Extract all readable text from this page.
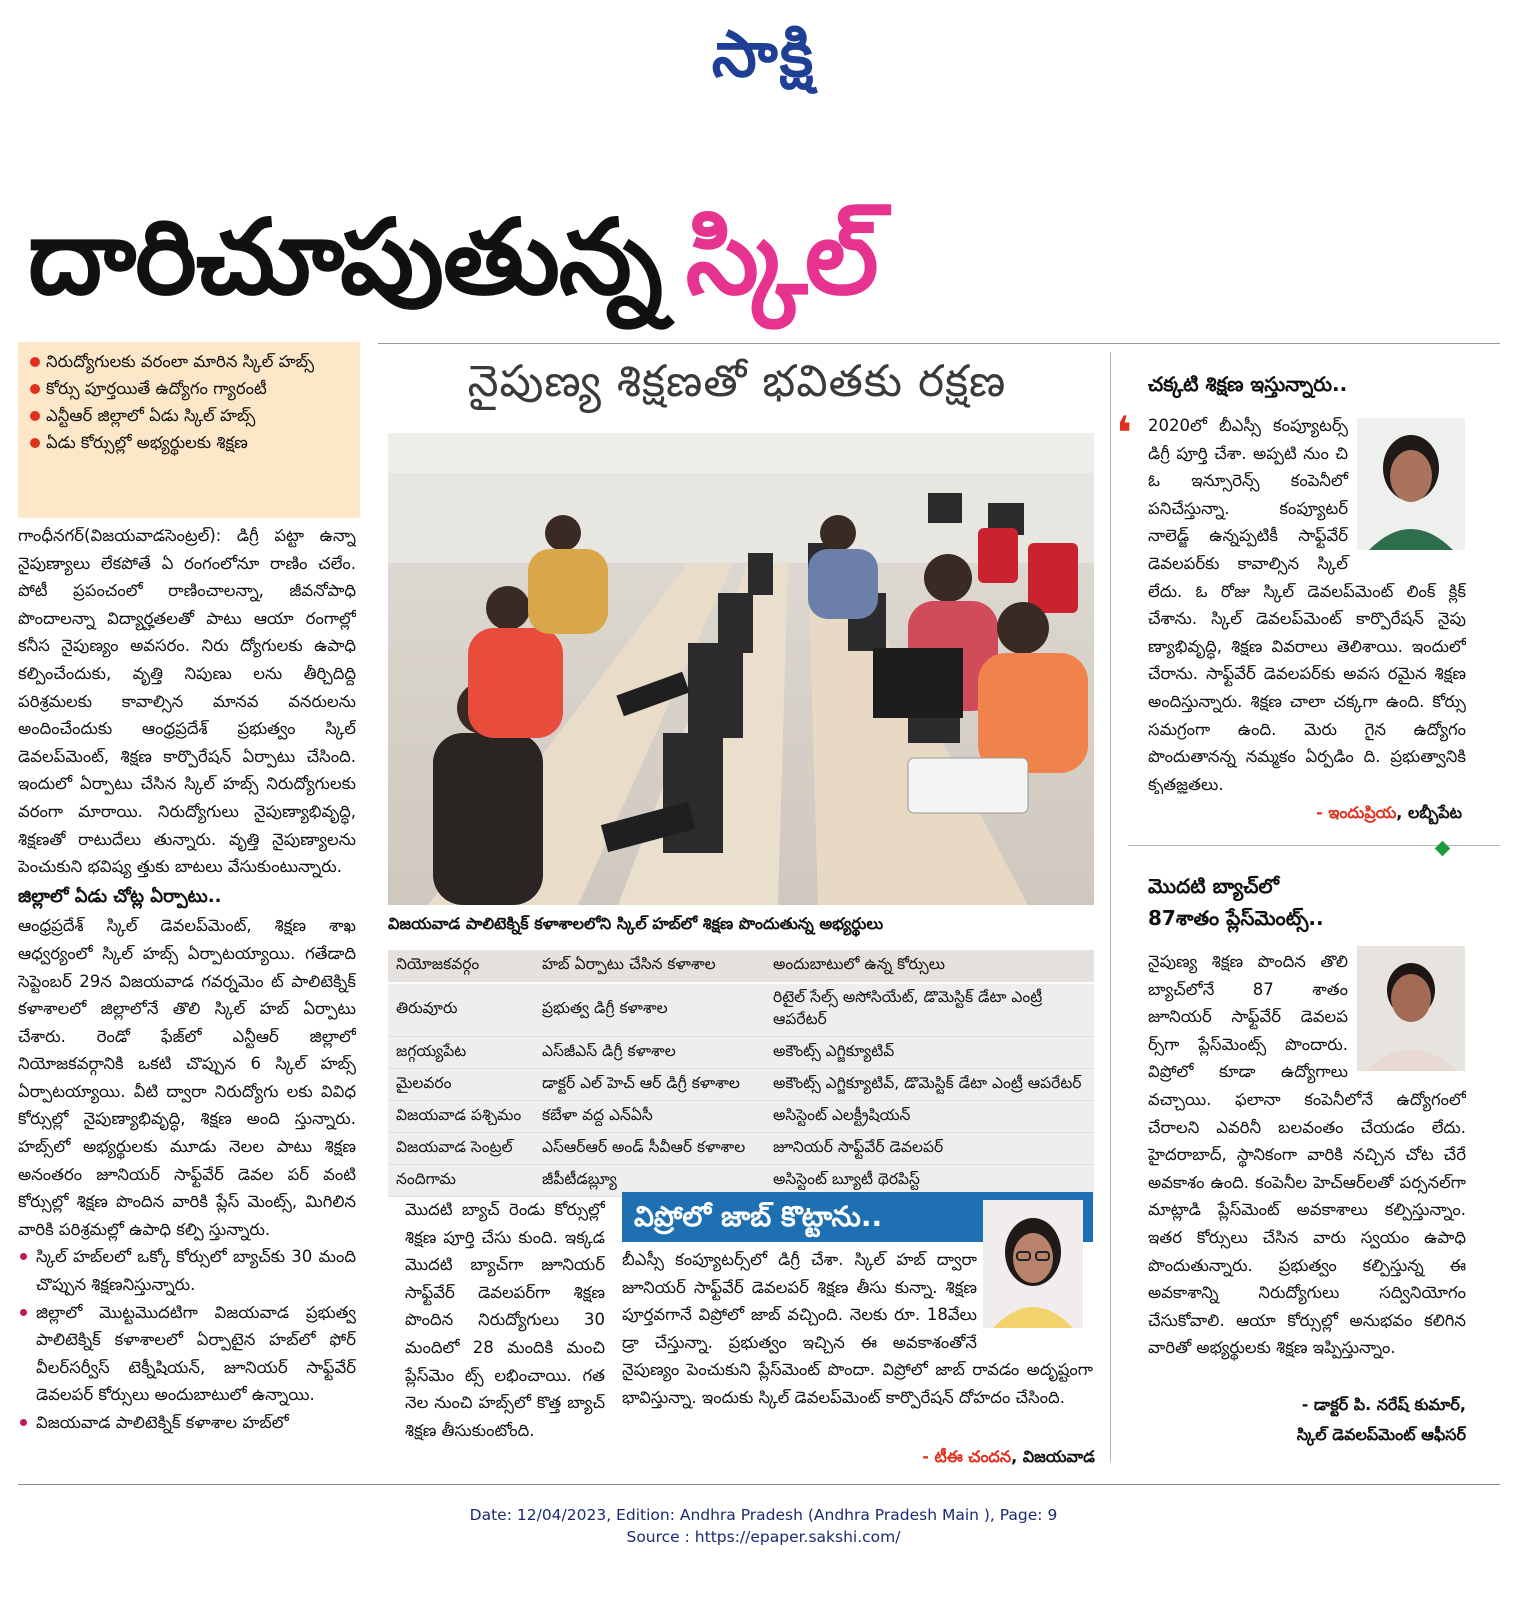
సాక్షి
దారిచూపుతున్న స్కిల్
నిరుద్యోగులకు వరంలా మారిన స్కిల్ హబ్స్
కోర్సు పూర్తయితే ఉద్యోగం గ్యారంటీ
ఎన్టీఆర్ జిల్లాలో ఏడు స్కిల్ హబ్స్
ఏడు కోర్సుల్లో అభ్యర్థులకు శిక్షణ

గాంధీనగర్(విజయవాడసెంట్రల్): డిగ్రీ పట్టా ఉన్నా నైపుణ్యాలు లేకపోతే ఏ రంగంలోనూ రాణిం చలేం. పోటీ ప్రపంచంలో రాణించాలన్నా, జీవనోపాధి పొందాలన్నా విద్యార్హతలతో పాటు ఆయా రంగాల్లో కనీస నైపుణ్యం అవసరం. నిరు ద్యోగులకు ఉపాధి కల్పించేందుకు, వృత్తి నిపుణు లను తీర్చిదిద్ది పరిశ్రమలకు కావాల్సిన మానవ వనరులను అందించేందుకు ఆంధ్రప్రదేశ్ ప్రభుత్వం స్కిల్ డెవలప్‌మెంట్, శిక్షణ కార్పొరేషన్ ఏర్పాటు చేసింది. ఇందులో ఏర్పాటు చేసిన స్కిల్ హబ్స్ నిరుద్యోగులకు వరంగా మారాయి. నిరుద్యోగులు నైపుణ్యాభివృద్ధి, శిక్షణతో రాటుదేలు తున్నారు. వృత్తి నైపుణ్యాలను పెంచుకుని భవిష్య త్తుకు బాటలు వేసుకుంటున్నారు.

జిల్లాలో ఏడు చోట్ల ఏర్పాటు..

ఆంధ్రప్రదేశ్ స్కిల్ డెవలప్‌మెంట్, శిక్షణ శాఖ ఆధ్వర్యంలో స్కిల్ హబ్స్ ఏర్పాటయ్యాయి. గతేడాది సెప్టెంబర్ 29న విజయవాడ గవర్నమెం ట్ పాలిటెక్నిక్ కళాశాలలో జిల్లాలోనే తొలి స్కిల్ హబ్ ఏర్పాటు చేశారు. రెండో ఫేజ్‌లో ఎన్టీఆర్ జిల్లాలో నియోజకవర్గానికి ఒకటి చొప్పున 6 స్కిల్ హబ్స్ ఏర్పాటయ్యాయి. వీటి ద్వారా నిరుద్యోగు లకు వివిధ కోర్సుల్లో నైపుణ్యాభివృద్ధి, శిక్షణ అంది స్తున్నారు. హబ్స్‌లో అభ్యర్థులకు మూడు నెలల పాటు శిక్షణ అనంతరం జూనియర్ సాఫ్ట్‌వేర్ డెవల పర్ వంటి కోర్సుల్లో శిక్షణ పొందిన వారికి ప్లేస్ మెంట్స్, మిగిలిన వారికి పరిశ్రమల్లో ఉపాధి కల్పి స్తున్నారు.

స్కిల్ హబ్‌లలో ఒక్కో కోర్సులో బ్యాచ్‌కు 30 మంది చొప్పున శిక్షణనిస్తున్నారు.
జిల్లాలో మొట్టమొదటిగా విజయవాడ ప్రభుత్వ పాలిటెక్నిక్ కళాశాలలో ఏర్పాటైన హబ్‌లో ఫోర్ వీలర్‌సర్వీస్ టెక్నీషియన్, జూనియర్ సాఫ్ట్‌వేర్ డెవలపర్ కోర్సులు అందుబాటులో ఉన్నాయి.
విజయవాడ పాలిటెక్నిక్ కళాశాల హబ్‌లో
నైపుణ్య శిక్షణతో భవితకు రక్షణ
విజయవాడ పాలిటెక్నిక్ కళాశాలలోని స్కిల్ హబ్‌లో శిక్షణ పొందుతున్న అభ్యర్థులు
నియోజకవర్గం	హబ్ ఏర్పాటు చేసిన కళాశాల	అందుబాటులో ఉన్న కోర్సులు
తిరువూరు	ప్రభుత్వ డిగ్రీ కళాశాల	రిటైల్ సేల్స్ అసోసియేట్, డొమెస్టిక్ డేటా ఎంట్రీ ఆపరేటర్
జగ్గయ్యపేట	ఎస్‌జీఎస్ డిగ్రీ కళాశాల	అకౌంట్స్ ఎగ్జిక్యూటివ్
మైలవరం	డాక్టర్ ఎల్ హెచ్ ఆర్ డిగ్రీ కళాశాల	అకౌంట్స్ ఎగ్జిక్యూటివ్, డొమెస్టిక్ డేటా ఎంట్రీ ఆపరేటర్
విజయవాడ పశ్చిమం	కబేళా వద్ద ఎన్ఏసీ	అసిస్టెంట్ ఎలక్ట్రీషియన్
విజయవాడ సెంట్రల్	ఎస్ఆర్ఆర్ అండ్ సీవీఆర్ కళాశాల	జూనియర్ సాఫ్ట్‌వేర్ డెవలపర్
నందిగామ	జీపీటీడబ్ల్యూ	అసిస్టెంట్ బ్యూటీ థెరపిస్ట్
మొదటి బ్యాచ్ రెండు కోర్సుల్లో శిక్షణ పూర్తి చేసు కుంది. ఇక్కడ మొదటి బ్యాచ్‌గా జూనియర్ సాఫ్ట్‌వేర్ డెవలపర్‌గా శిక్షణ పొందిన నిరుద్యోగులు 30 మందిలో 28 మందికి మంచి ప్లేస్‌మెం ట్స్ లభించాయి. గత నెల నుంచి హబ్స్‌లో కొత్త బ్యాచ్ శిక్షణ తీసుకుంటోంది.
విప్రోలో జాబ్ కొట్టాను..
బీఎస్సీ కంప్యూటర్స్‌లో డిగ్రీ చేశా. స్కిల్ హబ్ ద్వారా జూనియర్ సాఫ్ట్‌వేర్ డెవలపర్ శిక్షణ తీసు కున్నా. శిక్షణ పూర్తవగానే విప్రోలో జాబ్ వచ్చింది. నెలకు రూ. 18వేలు డ్రా చేస్తున్నా. ప్రభుత్వం ఇచ్చిన ఈ అవకాశంతోనే నైపుణ్యం పెంచుకుని ప్లేస్‌మెంట్ పొందా. విప్రోలో జాబ్ రావడం అదృష్టంగా భావిస్తున్నా. ఇందుకు స్కిల్ డెవలప్‌మెంట్ కార్పొరేషన్ దోహదం చేసింది.
- టీఈ చందన, విజయవాడ
చక్కటి శిక్షణ ఇస్తున్నారు..
❛ 2020లో బీఎస్సీ కంప్యూటర్స్ డిగ్రీ పూర్తి చేశా. అప్పటి నుం చి ఓ ఇన్సూరెన్స్ కంపెనీలో పనిచేస్తున్నా. కంప్యూటర్ నాలెడ్జ్ ఉన్నప్పటికీ సాఫ్ట్‌వేర్ డెవలపర్‌కు కావాల్సిన స్కిల్ లేదు. ఓ రోజు స్కిల్ డెవలప్‌మెంట్ లింక్ క్లిక్ చేశాను. స్కిల్ డెవలప్‌మెంట్ కార్పొరేషన్ నైపు ణ్యాభివృద్ధి, శిక్షణ వివరాలు తెలిశాయి. ఇందులో చేరాను. సాఫ్ట్‌వేర్ డెవలపర్‌కు అవస రమైన శిక్షణ అందిస్తున్నారు. శిక్షణ చాలా చక్కగా ఉంది. కోర్సు సమగ్రంగా ఉంది. మెరు గైన ఉద్యోగం పొందుతానన్న నమ్మకం ఏర్పడిం ది. ప్రభుత్వానికి కృతజ్ఞతలు.
- ఇందుప్రియ, లబ్బీపేట
మొదటి బ్యాచ్‌లో
87శాతం ప్లేస్‌మెంట్స్..
నైపుణ్య శిక్షణ పొందిన తొలి బ్యాచ్‌లోనే 87 శాతం జూనియర్ సాఫ్ట్‌వేర్ డెవలప ర్స్‌గా ప్లేస్‌మెంట్స్ పొందారు. విప్రోలో కూడా ఉద్యోగాలు వచ్చాయి. ఫలానా కంపెనీలోనే ఉద్యోగంలో చేరాలని ఎవరినీ బలవంతం చేయడం లేదు. హైదరాబాద్, స్థానికంగా వారికి నచ్చిన చోట చేరే అవకాశం ఉంది. కంపెనీల హెచ్‌ఆర్‌లతో పర్సనల్‌గా మాట్లాడి ప్లేస్‌మెంట్ అవకాశాలు కల్పిస్తున్నాం. ఇతర కోర్సులు చేసిన వారు స్వయం ఉపాధి పొందుతున్నారు. ప్రభుత్వం కల్పిస్తున్న ఈ అవకాశాన్ని నిరుద్యోగులు సద్వినియోగం చేసుకోవాలి. ఆయా కోర్సుల్లో అనుభవం కలిగిన వారితో అభ్యర్థులకు శిక్షణ ఇప్పిస్తున్నాం.
- డాక్టర్ పి. నరేష్ కుమార్,
స్కిల్ డెవలప్‌మెంట్ ఆఫీసర్
Date: 12/04/2023, Edition: Andhra Pradesh (Andhra Pradesh Main ), Page: 9
Source : https://epaper.sakshi.com/
